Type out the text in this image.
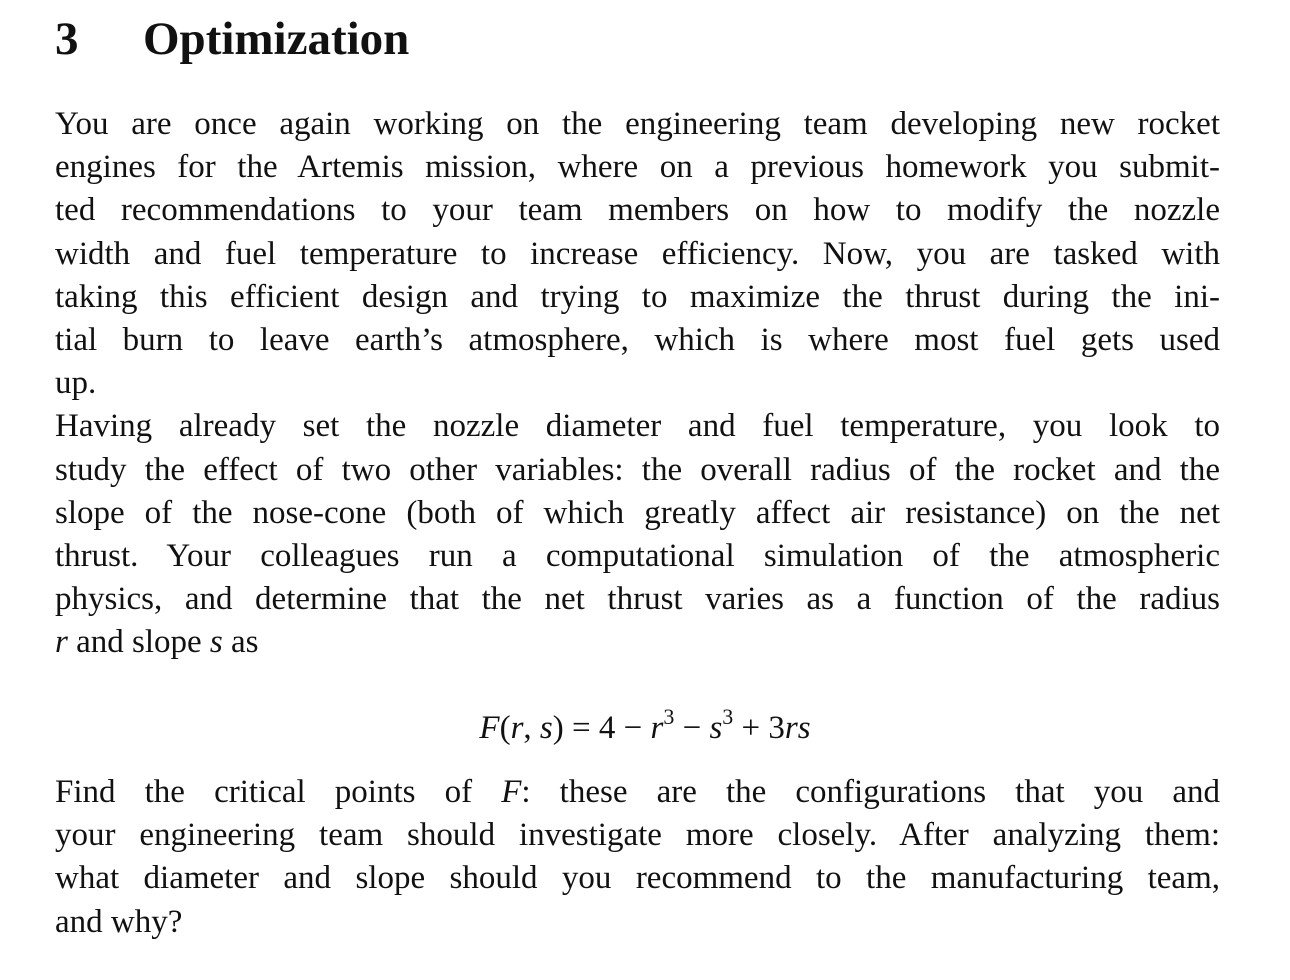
3 Optimization
You are once again working on the engineering team developing new rocket
engines for the Artemis mission, where on a previous homework you submit-
ted recommendations to your team members on how to modify the nozzle
width and fuel temperature to increase efficiency. Now, you are tasked with
taking this efficient design and trying to maximize the thrust during the ini-
tial burn to leave earth’s atmosphere, which is where most fuel gets used
up.
Having already set the nozzle diameter and fuel temperature, you look to
study the effect of two other variables: the overall radius of the rocket and the
slope of the nose-cone (both of which greatly affect air resistance) on the net
thrust. Your colleagues run a computational simulation of the atmospheric
physics, and determine that the net thrust varies as a function of the radius
r and slope s as
F(r, $s) = 4 - r^3 - s^3 + 3rs$
Find the critical points of F: these are the configurations that you and
your engineering team should investigate more closely. After analyzing them:
what diameter and slope should you recommend to the manufacturing team,
and why?
